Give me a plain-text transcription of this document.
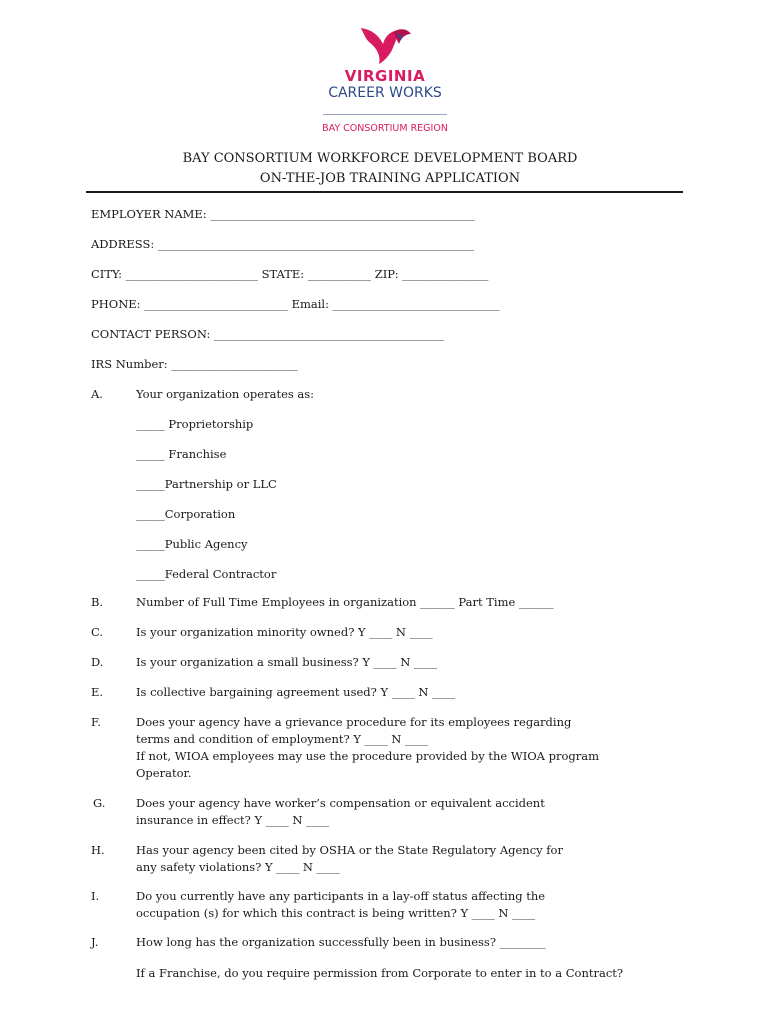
VIRGINIA
CAREER WORKS
BAY CONSORTIUM REGION
BAY CONSORTIUM WORKFORCE DEVELOPMENT BOARD
ON-THE-JOB TRAINING APPLICATION
EMPLOYER NAME: ______________________________________________
ADDRESS: _______________________________________________________
CITY: _______________________ STATE: ___________ ZIP: _______________
PHONE: _________________________ Email: _____________________________
CONTACT PERSON: ________________________________________
IRS Number: ______________________
A.	Your organization operates as:
_____ Proprietorship
_____ Franchise
_____Partnership or LLC
_____Corporation
_____Public Agency
_____Federal Contractor
B.	Number of Full Time Employees in organization ______ Part Time ______
C.	Is your organization minority owned? Y ____ N ____
D.	Is your organization a small business? Y ____ N ____
E.	Is collective bargaining agreement used? Y ____ N ____
F.	Does your agency have a grievance procedure for its employees regarding
terms and condition of employment? Y ____ N ____
If not, WIOA employees may use the procedure provided by the WIOA program
Operator.
G.	Does your agency have worker’s compensation or equivalent accident
insurance in effect? Y ____ N ____
H.	Has your agency been cited by OSHA or the State Regulatory Agency for
any safety violations? Y ____ N ____
I.	Do you currently have any participants in a lay-off status affecting the
occupation (s) for which this contract is being written? Y ____ N ____
J.	How long has the organization successfully been in business? ________
If a Franchise, do you require permission from Corporate to enter in to a Contract?
